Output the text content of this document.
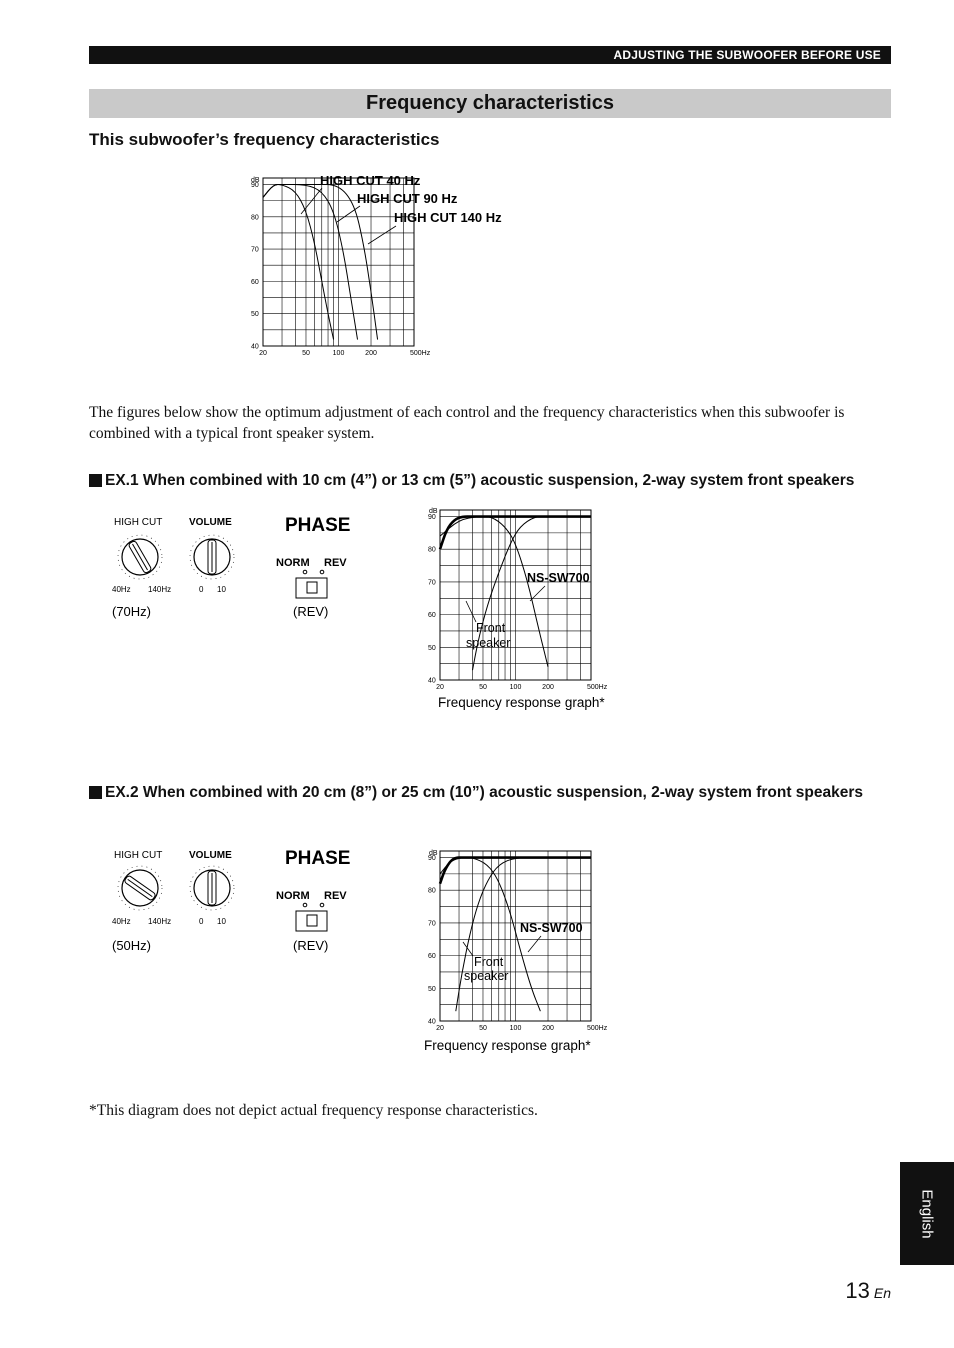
ADJUSTING THE SUBWOOFER BEFORE USE
Frequency characteristics
This subwoofer’s frequency characteristics
dB
40
50
60
70
80
90
20	50	100	200	500Hz
HIGH CUT 40 Hz
HIGH CUT 90 Hz
HIGH CUT 140 Hz
The figures below show the optimum adjustment of each control and the frequency characteristics when this subwoofer is combined with a typical front speaker system.
EX.1 When combined with 10 cm (4”) or 13 cm (5”) acoustic suspension, 2-way system front speakers
HIGH CUT	VOLUME
40Hz 140Hz	0 10
(70Hz)
PHASE
NORM REV
(REV)
dB
40
50
60
70
80
90
20	50	100	200	500Hz
NS-SW700
Front
speaker
Frequency response graph*
EX.2 When combined with 20 cm (8”) or 25 cm (10”) acoustic suspension, 2-way system front speakers
HIGH CUT	VOLUME
40Hz 140Hz	0 10
(50Hz)
PHASE
NORM REV
(REV)
dB
40
50
60
70
80
90
20	50	100	200	500Hz
NS-SW700
Front
speaker
Frequency response graph*
*This diagram does not depict actual frequency response characteristics.
English
13 En
